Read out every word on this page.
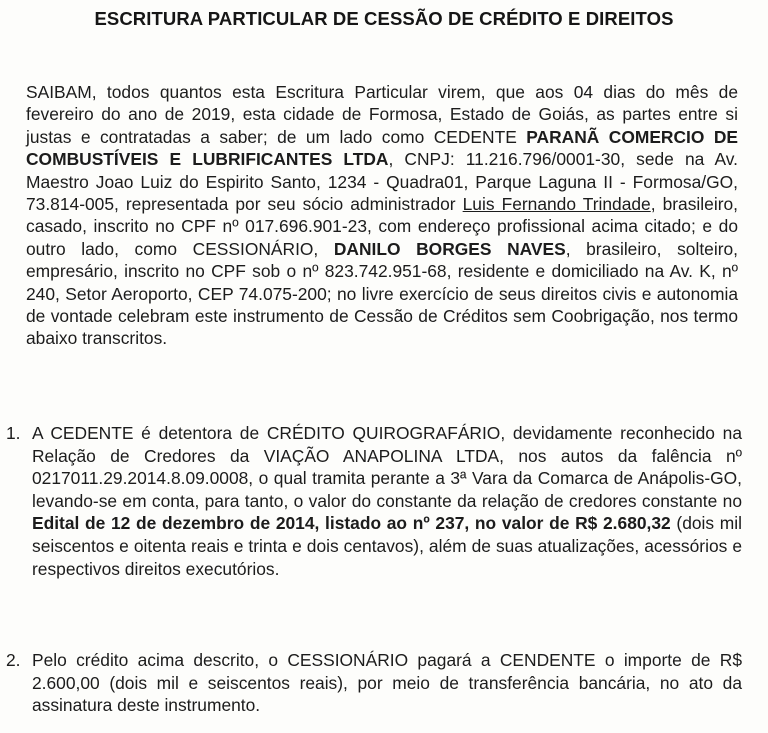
ESCRITURA PARTICULAR DE CESSÃO DE CRÉDITO E DIREITOS
SAIBAM, todos quantos esta Escritura Particular virem, que aos 04 dias do mês de fevereiro do ano de 2019, esta cidade de Formosa, Estado de Goiás, as partes entre si justas e contratadas a saber; de um lado como CEDENTE PARANÃ COMERCIO DE COMBUSTÍVEIS E LUBRIFICANTES LTDA, CNPJ: 11.216.796/0001-30, sede na Av. Maestro Joao Luiz do Espirito Santo, 1234 - Quadra01, Parque Laguna II - Formosa/GO, 73.814-005, representada por seu sócio administrador Luis Fernando Trindade, brasileiro, casado, inscrito no CPF nº 017.696.901-23, com endereço profissional acima citado; e do outro lado, como CESSIONÁRIO, DANILO BORGES NAVES, brasileiro, solteiro, empresário, inscrito no CPF sob o nº 823.742.951-68, residente e domiciliado na Av. K, nº 240, Setor Aeroporto, CEP 74.075-200; no livre exercício de seus direitos civis e autonomia de vontade celebram este instrumento de Cessão de Créditos sem Coobrigação, nos termo abaixo transcritos.
1. A CEDENTE é detentora de CRÉDITO QUIROGRAFÁRIO, devidamente reconhecido na Relação de Credores da VIAÇÃO ANAPOLINA LTDA, nos autos da falência nº 0217011.29.2014.8.09.0008, o qual tramita perante a 3ª Vara da Comarca de Anápolis-GO, levando-se em conta, para tanto, o valor do constante da relação de credores constante no Edital de 12 de dezembro de 2014, listado ao nº 237, no valor de R$ 2.680,32 (dois mil seiscentos e oitenta reais e trinta e dois centavos), além de suas atualizações, acessórios e respectivos direitos executórios.
2. Pelo crédito acima descrito, o CESSIONÁRIO pagará a CENDENTE o importe de R$ 2.600,00 (dois mil e seiscentos reais), por meio de transferência bancária, no ato da assinatura deste instrumento.
